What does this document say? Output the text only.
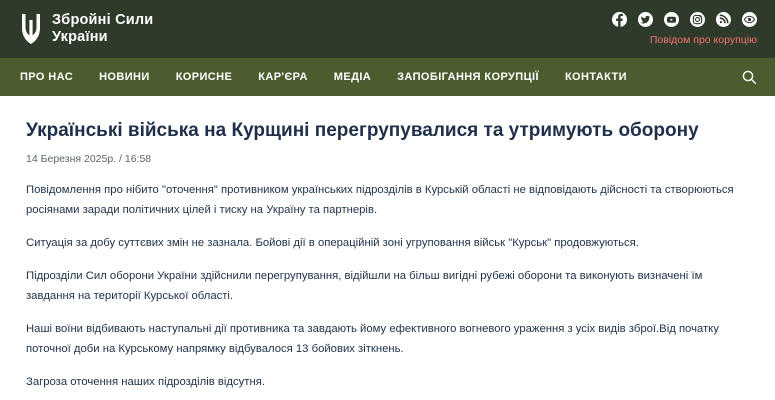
Збройні Сили
України	Повідом про корупцію
ПРО НАС НОВИНИ КОРИСНЕ КАР'ЄРА МЕДІА ЗАПОБІГАННЯ КОРУПЦІЇ КОНТАКТИ
Українські війська на Курщині перегрупувалися та утримують оборону
14 Березня 2025р. / 16:58

Повідомлення про нібито "оточення" противником українських підрозділів в Курській області не відповідають дійсності та створюються росіянами заради політичних цілей і тиску на Україну та партнерів.

Ситуація за добу суттєвих змін не зазнала. Бойові дії в операційній зоні угруповання військ "Курськ" продовжуються.

Підрозділи Сил оборони України здійснили перегрупування, відійшли на більш вигідні рубежі оборони та виконують визначені їм завдання на території Курської області.

Наші воїни відбивають наступальні дії противника та завдають йому ефективного вогневого ураження з усіх видів зброї.Від початку поточної доби на Курському напрямку відбувалося 13 бойових зіткнень.

Загроза оточення наших підрозділів відсутня.
